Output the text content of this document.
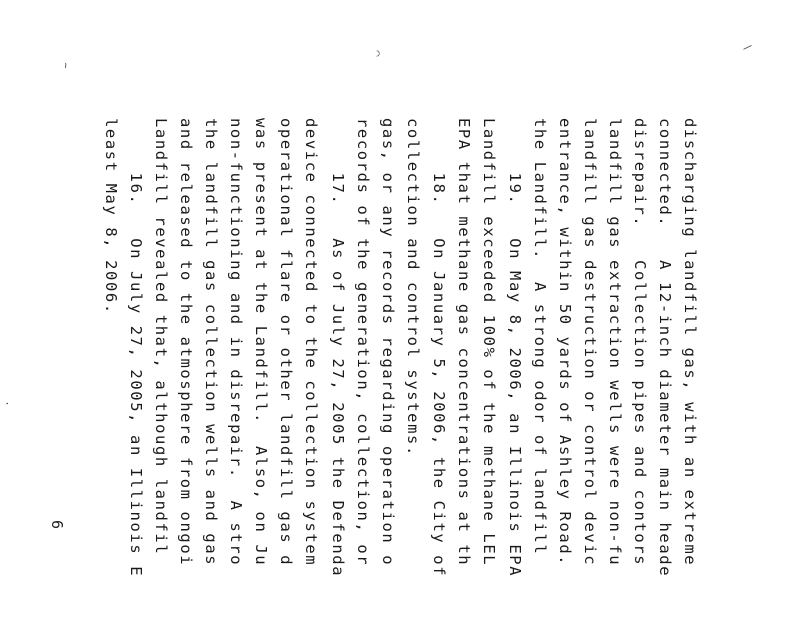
~
⌒
\
.
least May 8, 2006. 16.   On July 27, 2005, an Illinois E Landfill revealed that, although landfil and released to the atmosphere from ongoi the landfill gas collection wells and gas non-functioning and in disrepair.  A stro was present at the Landfill.  Also, on Ju operational flare or other landfill gas d device connected to the collection system 17.   As of July 27, 2005 the Defenda records of the generation, collection, or gas, or any records regarding operation o collection and control systems. 18.   On January 5, 2006, the City of EPA that methane gas concentrations at th Landfill exceeded 100% of the methane LEL 19.   On May 8, 2006, an Illinois EPA the Landfill.  A strong odor of landfill entrance, within 50 yards of Ashley Road. landfill gas destruction or control devic landfill gas extraction wells were non-fu disrepair.   Collection pipes and contors connected.   A 12-inch diameter main heade discharging landfill gas, with an extreme
6
